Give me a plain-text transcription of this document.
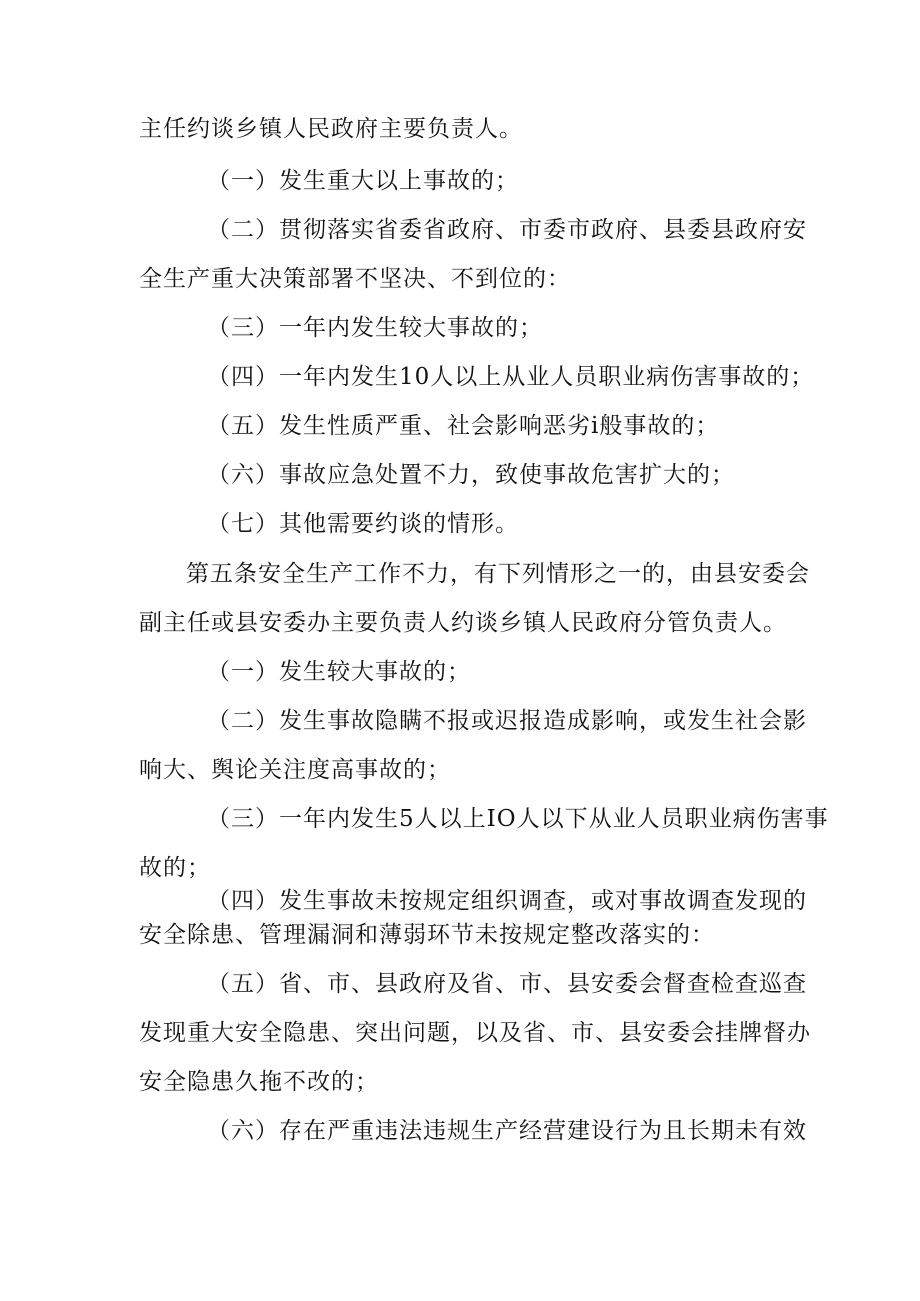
主任约谈乡镇人民政府主要负责人。
（一）发生重大以上事故的；
（二）贯彻落实省委省政府、市委市政府、县委县政府安
全生产重大决策部署不坚决、不到位的：
（三）一年内发生较大事故的；
（四）一年内发生10人以上从业人员职业病伤害事故的；
（五）发生性质严重、社会影响恶劣i般事故的；
（六）事故应急处置不力，致使事故危害扩大的；
（七）其他需要约谈的情形。
第五条安全生产工作不力，有下列情形之一的，由县安委会
副主任或县安委办主要负责人约谈乡镇人民政府分管负责人。
（一）发生较大事故的；
（二）发生事故隐瞒不报或迟报造成影响，或发生社会影
响大、舆论关注度高事故的；
（三）一年内发生5人以上IO人以下从业人员职业病伤害事
故的；
（四）发生事故未按规定组织调查，或对事故调查发现的
安全除患、管理漏洞和薄弱环节未按规定整改落实的：
（五）省、市、县政府及省、市、县安委会督查检查巡查
发现重大安全隐患、突出问题，以及省、市、县安委会挂牌督办
安全隐患久拖不改的；
（六）存在严重违法违规生产经营建设行为且长期未有效
